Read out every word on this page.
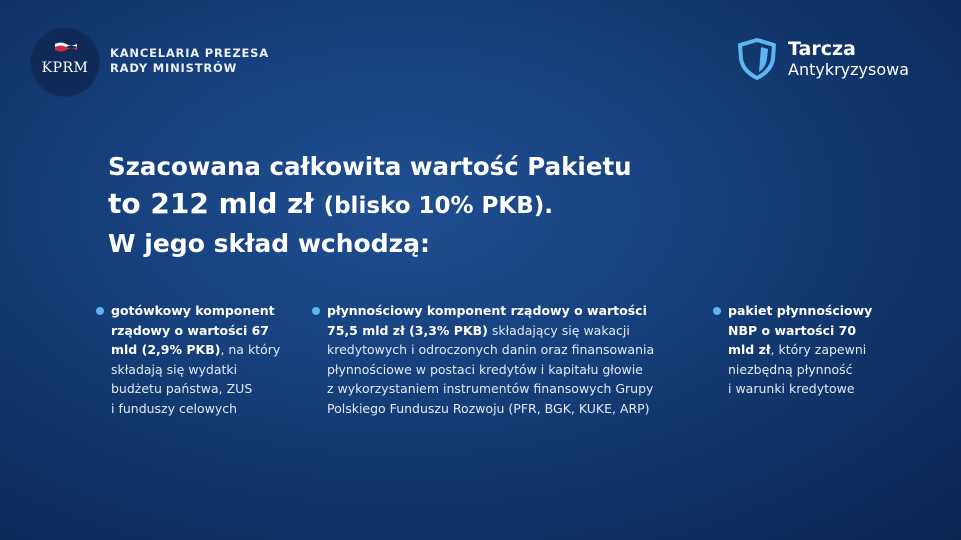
KPRM
KANCELARIA PREZESA
RADY MINISTRÓW
Tarcza
Antykryzysowa
Szacowana całkowita wartość Pakietu
to 212 mld zł (blisko 10% PKB).
W jego skład wchodzą:
gotówkowy komponent
rządowy o wartości 67
mld (2,9% PKB), na który
składają się wydatki
budżetu państwa, ZUS
i funduszy celowych
płynnościowy komponent rządowy o wartości
75,5 mld zł (3,3% PKB) składający się wakacji
kredytowych i odroczonych danin oraz finansowania
płynnościowe w postaci kredytów i kapitału głowie
z wykorzystaniem instrumentów finansowych Grupy
Polskiego Funduszu Rozwoju (PFR, BGK, KUKE, ARP)
pakiet płynnościowy
NBP o wartości 70
mld zł, który zapewni
niezbędną płynność
i warunki kredytowe
